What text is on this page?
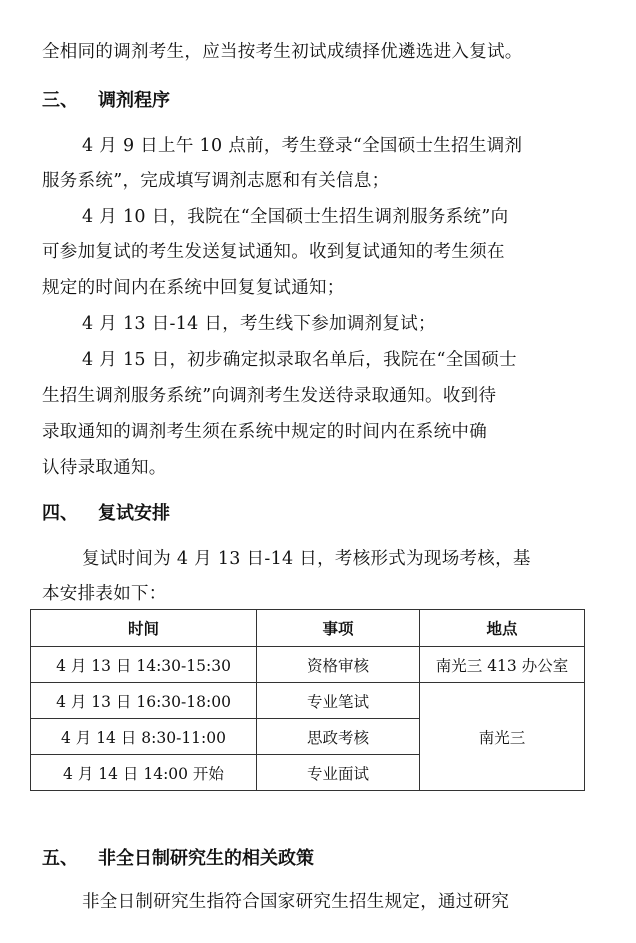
全相同的调剂考生，应当按考生初试成绩择优遴选进入复试。
三、 调剂程序
4 月 9 日上午 10 点前，考生登录“全国硕士生招生调剂
服务系统”，完成填写调剂志愿和有关信息；
4 月 10 日，我院在“全国硕士生招生调剂服务系统”向
可参加复试的考生发送复试通知。收到复试通知的考生须在
规定的时间内在系统中回复复试通知；
4 月 13 日-14 日，考生线下参加调剂复试；
4 月 15 日，初步确定拟录取名单后，我院在“全国硕士
生招生调剂服务系统”向调剂考生发送待录取通知。收到待
录取通知的调剂考生须在系统中规定的时间内在系统中确
认待录取通知。
四、 复试安排
复试时间为 4 月 13 日-14 日，考核形式为现场考核，基
本安排表如下：
时间	事项	地点
4 月 13 日 14:30-15:30	资格审核	南光三 413 办公室
4 月 13 日 16:30-18:00	专业笔试	南光三
4 月 14 日 8:30-11:00	思政考核	
4 月 14 日 14:00 开始	专业面试	
五、 非全日制研究生的相关政策
非全日制研究生指符合国家研究生招生规定，通过研究
